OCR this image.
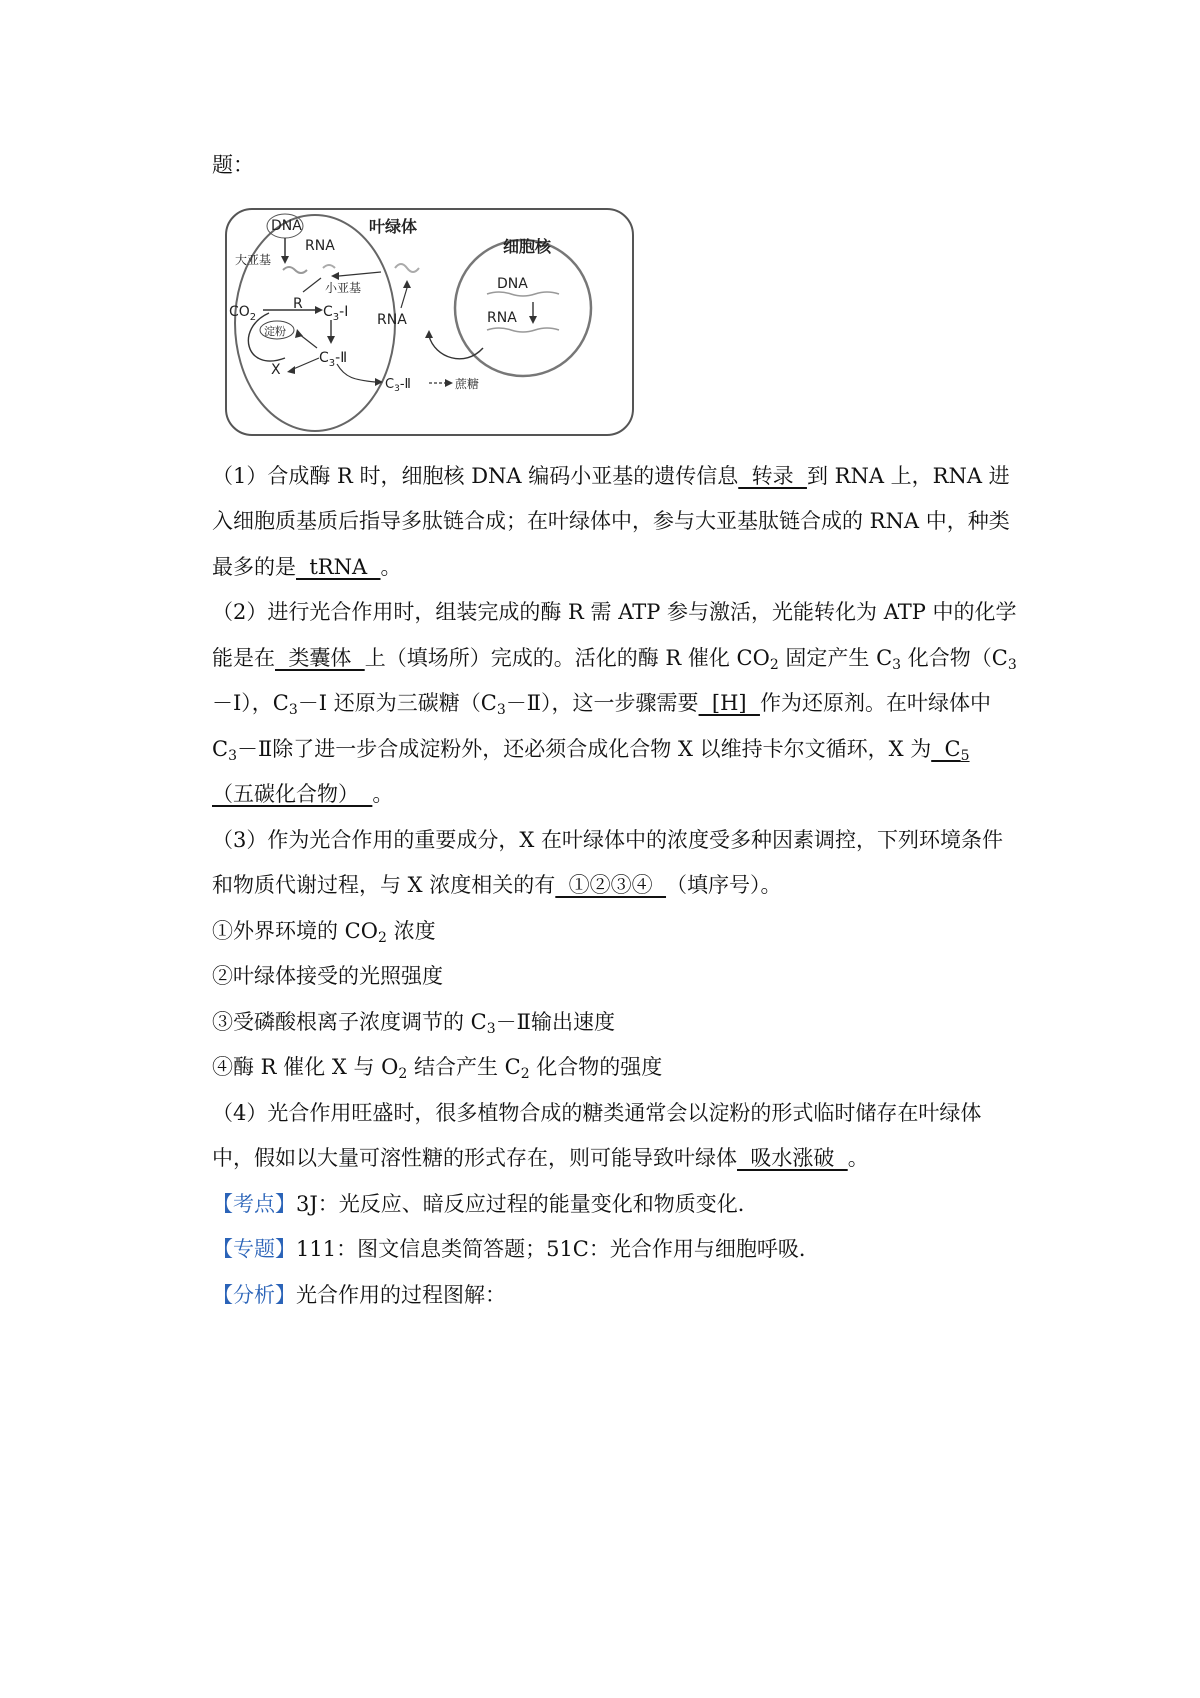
题：
叶绿体
细胞核
DNA
RNA
大亚基
小亚基
R
$CO_2$	$C_3-I$
$C_3-Ⅱ$
淀粉
X
$C_3-Ⅱ$	蔗糖
RNA
DNA
RNA
（1）合成酶 R 时，细胞核 DNA 编码小亚基的遗传信息  转录  到 RNA 上，RNA 进
入细胞质基质后指导多肽链合成；在叶绿体中，参与大亚基肽链合成的 RNA 中，种类
最多的是  tRNA  。
（2）进行光合作用时，组装完成的酶 R 需 ATP 参与激活，光能转化为 ATP 中的化学
能是在  类囊体  上（填场所）完成的。活化的酶 R 催化 $CO_2$ 固定产生 $C_3$ 化合物（$C_3$
－I），$C_3-I$ 还原为三碳糖$(C_3-Ⅱ)$，这一步骤需要  [H]  作为还原剂。在叶绿体中
$C_3-Ⅱ$除了进一步合成淀粉外，还必须合成化合物 X 以维持卡尔文循环，X 为  $C_5$
（五碳化合物）  。
（3）作为光合作用的重要成分，X 在叶绿体中的浓度受多种因素调控，下列环境条件
和物质代谢过程，与 X 浓度相关的有  ①②③④  （填序号）。
①外界环境的 $CO_2$ 浓度
②叶绿体接受的光照强度
③受磷酸根离子浓度调节的 $C_3-Ⅱ$输出速度
④酶 R 催化 X 与 $O_2$ 结合产生 $C_2$ 化合物的强度
（4）光合作用旺盛时，很多植物合成的糖类通常会以淀粉的形式临时储存在叶绿体
中，假如以大量可溶性糖的形式存在，则可能导致叶绿体  吸水涨破  。
【考点】3J：光反应、暗反应过程的能量变化和物质变化．
【专题】111：图文信息类简答题；51C：光合作用与细胞呼吸．
【分析】光合作用的过程图解：
